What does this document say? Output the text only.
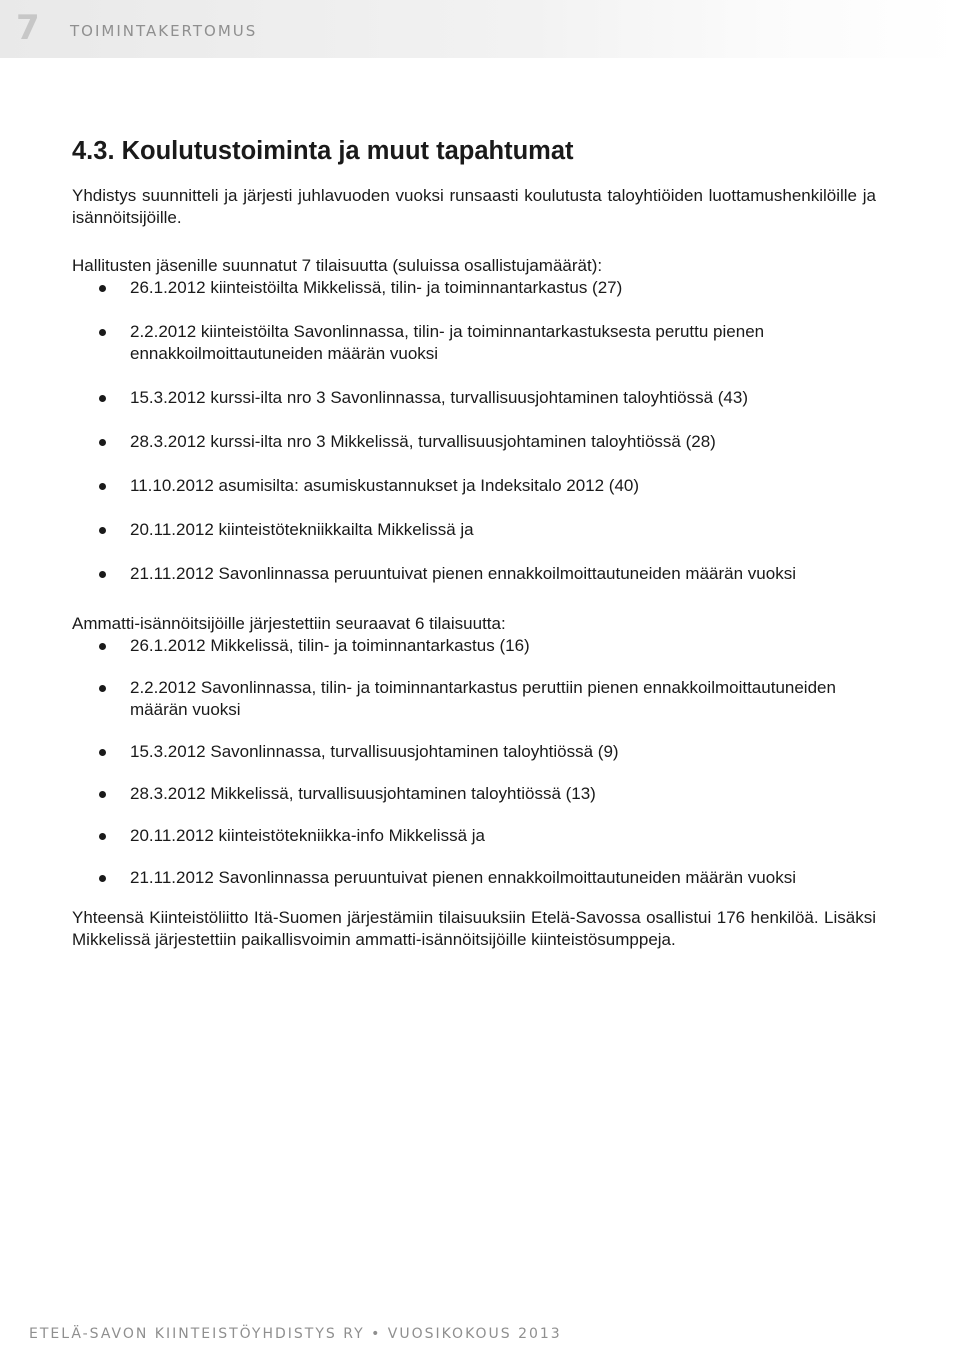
7 TOIMINTAKERTOMUS
4.3. Koulutustoiminta ja muut tapahtumat

Yhdistys suunnitteli ja järjesti juhlavuoden vuoksi runsaasti koulutusta taloyhtiöiden luottamushenkilöille ja isännöitsijöille.

Hallitusten jäsenille suunnatut 7 tilaisuutta (suluissa osallistujamäärät):

26.1.2012 kiinteistöilta Mikkelissä, tilin- ja toiminnantarkastus (27)
2.2.2012 kiinteistöilta Savonlinnassa, tilin- ja toiminnantarkastuksesta peruttu pienen ennakkoilmoittautuneiden määrän vuoksi
15.3.2012 kurssi-ilta nro 3 Savonlinnassa, turvallisuusjohtaminen taloyhtiössä (43)
28.3.2012 kurssi-ilta nro 3 Mikkelissä, turvallisuusjohtaminen taloyhtiössä (28)
11.10.2012 asumisilta: asumiskustannukset ja Indeksitalo 2012 (40)
20.11.2012 kiinteistötekniikkailta Mikkelissä ja
21.11.2012 Savonlinnassa peruuntuivat pienen ennakkoilmoittautuneiden määrän vuoksi

Ammatti-isännöitsijöille järjestettiin seuraavat 6 tilaisuutta:

26.1.2012 Mikkelissä, tilin- ja toiminnantarkastus (16)
2.2.2012 Savonlinnassa, tilin- ja toiminnantarkastus peruttiin pienen ennakkoilmoittautuneiden määrän vuoksi
15.3.2012 Savonlinnassa, turvallisuusjohtaminen taloyhtiössä (9)
28.3.2012 Mikkelissä, turvallisuusjohtaminen taloyhtiössä (13)
20.11.2012 kiinteistötekniikka-info Mikkelissä ja
21.11.2012 Savonlinnassa peruuntuivat pienen ennakkoilmoittautuneiden määrän vuoksi

Yhteensä Kiinteistöliitto Itä-Suomen järjestämiin tilaisuuksiin Etelä-Savossa osallistui 176 henkilöä. Lisäksi Mikkelissä järjestettiin paikallisvoimin ammatti-isännöitsijöille kiinteistösumppeja.

ETELÄ-SAVON KIINTEISTÖYHDISTYS RY • VUOSIKOKOUS 2013
